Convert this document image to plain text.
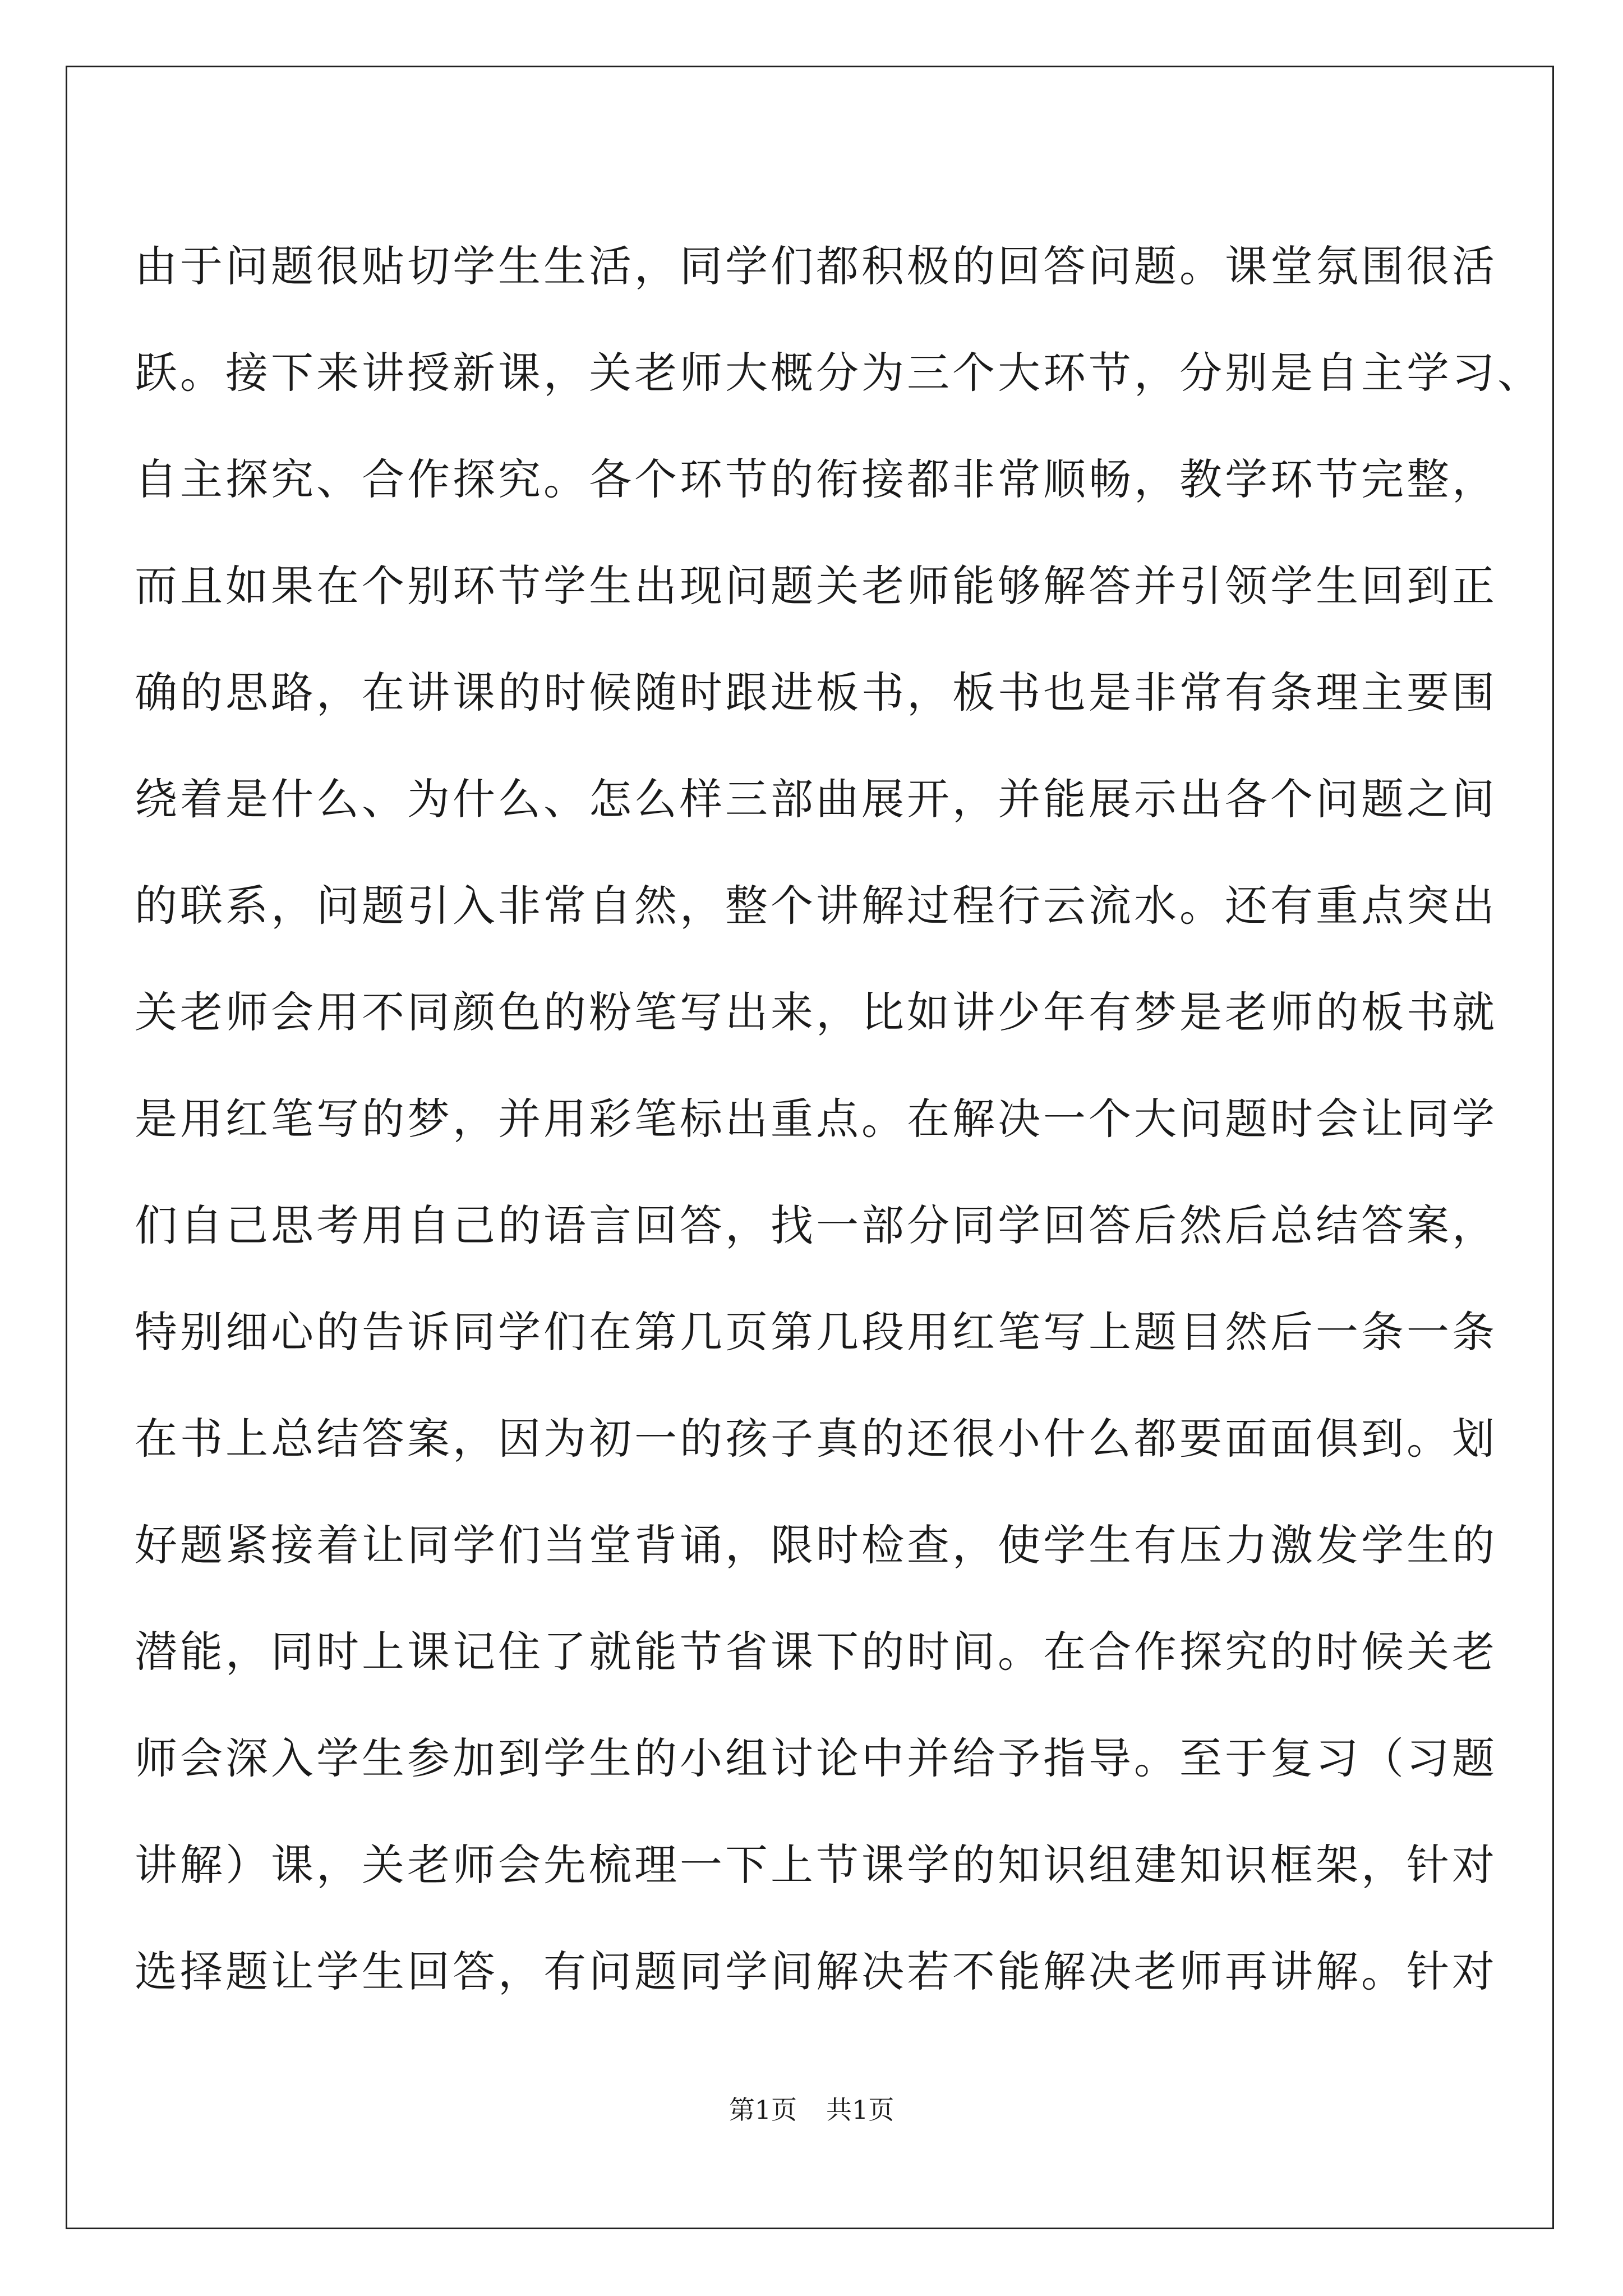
由于问题很贴切学生生活，同学们都积极的回答问题。课堂氛围很活
跃。接下来讲授新课，关老师大概分为三个大环节，分别是自主学习、
自主探究、合作探究。各个环节的衔接都非常顺畅，教学环节完整，
而且如果在个别环节学生出现问题关老师能够解答并引领学生回到正
确的思路，在讲课的时候随时跟进板书，板书也是非常有条理主要围
绕着是什么、为什么、怎么样三部曲展开，并能展示出各个问题之间
的联系，问题引入非常自然，整个讲解过程行云流水。还有重点突出
关老师会用不同颜色的粉笔写出来，比如讲少年有梦是老师的板书就
是用红笔写的梦，并用彩笔标出重点。在解决一个大问题时会让同学
们自己思考用自己的语言回答，找一部分同学回答后然后总结答案，
特别细心的告诉同学们在第几页第几段用红笔写上题目然后一条一条
在书上总结答案，因为初一的孩子真的还很小什么都要面面俱到。划
好题紧接着让同学们当堂背诵，限时检查，使学生有压力激发学生的
潜能，同时上课记住了就能节省课下的时间。在合作探究的时候关老
师会深入学生参加到学生的小组讨论中并给予指导。至于复习（习题
讲解）课，关老师会先梳理一下上节课学的知识组建知识框架，针对
选择题让学生回答，有问题同学间解决若不能解决老师再讲解。针对
第1页 共1页
